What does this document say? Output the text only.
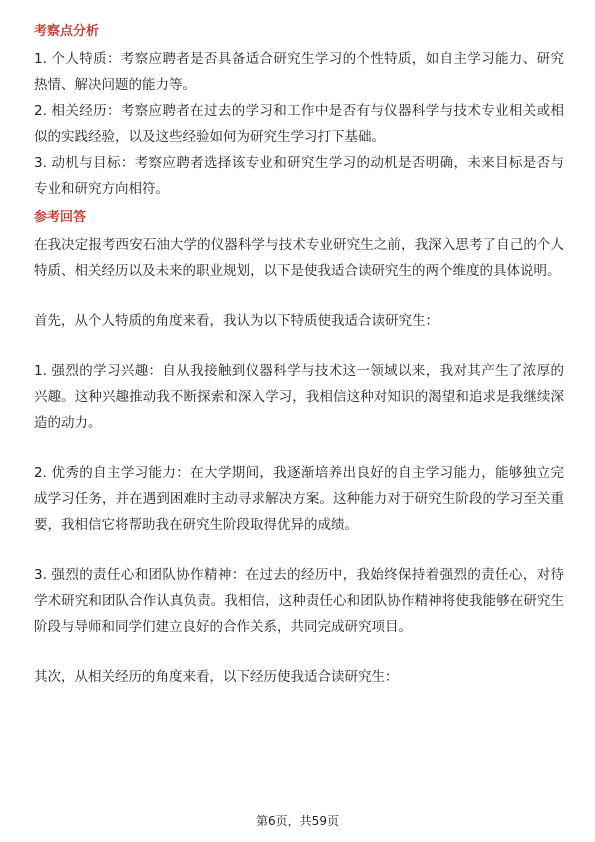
考察点分析

1. 个人特质：考察应聘者是否具备适合研究生学习的个性特质，如自主学习能力、研究热情、解决问题的能力等。

2. 相关经历：考察应聘者在过去的学习和工作中是否有与仪器科学与技术专业相关或相似的实践经验，以及这些经验如何为研究生学习打下基础。

3. 动机与目标：考察应聘者选择该专业和研究生学习的动机是否明确，未来目标是否与专业和研究方向相符。

参考回答

在我决定报考西安石油大学的仪器科学与技术专业研究生之前，我深入思考了自己的个人特质、相关经历以及未来的职业规划，以下是使我适合读研究生的两个维度的具体说明。

首先，从个人特质的角度来看，我认为以下特质使我适合读研究生：

1. 强烈的学习兴趣：自从我接触到仪器科学与技术这一领域以来，我对其产生了浓厚的兴趣。这种兴趣推动我不断探索和深入学习，我相信这种对知识的渴望和追求是我继续深造的动力。

2. 优秀的自主学习能力：在大学期间，我逐渐培养出良好的自主学习能力，能够独立完成学习任务，并在遇到困难时主动寻求解决方案。这种能力对于研究生阶段的学习至关重要，我相信它将帮助我在研究生阶段取得优异的成绩。

3. 强烈的责任心和团队协作精神：在过去的经历中，我始终保持着强烈的责任心，对待学术研究和团队合作认真负责。我相信，这种责任心和团队协作精神将使我能够在研究生阶段与导师和同学们建立良好的合作关系，共同完成研究项目。

其次，从相关经历的角度来看，以下经历使我适合读研究生：

第6页，共59页
